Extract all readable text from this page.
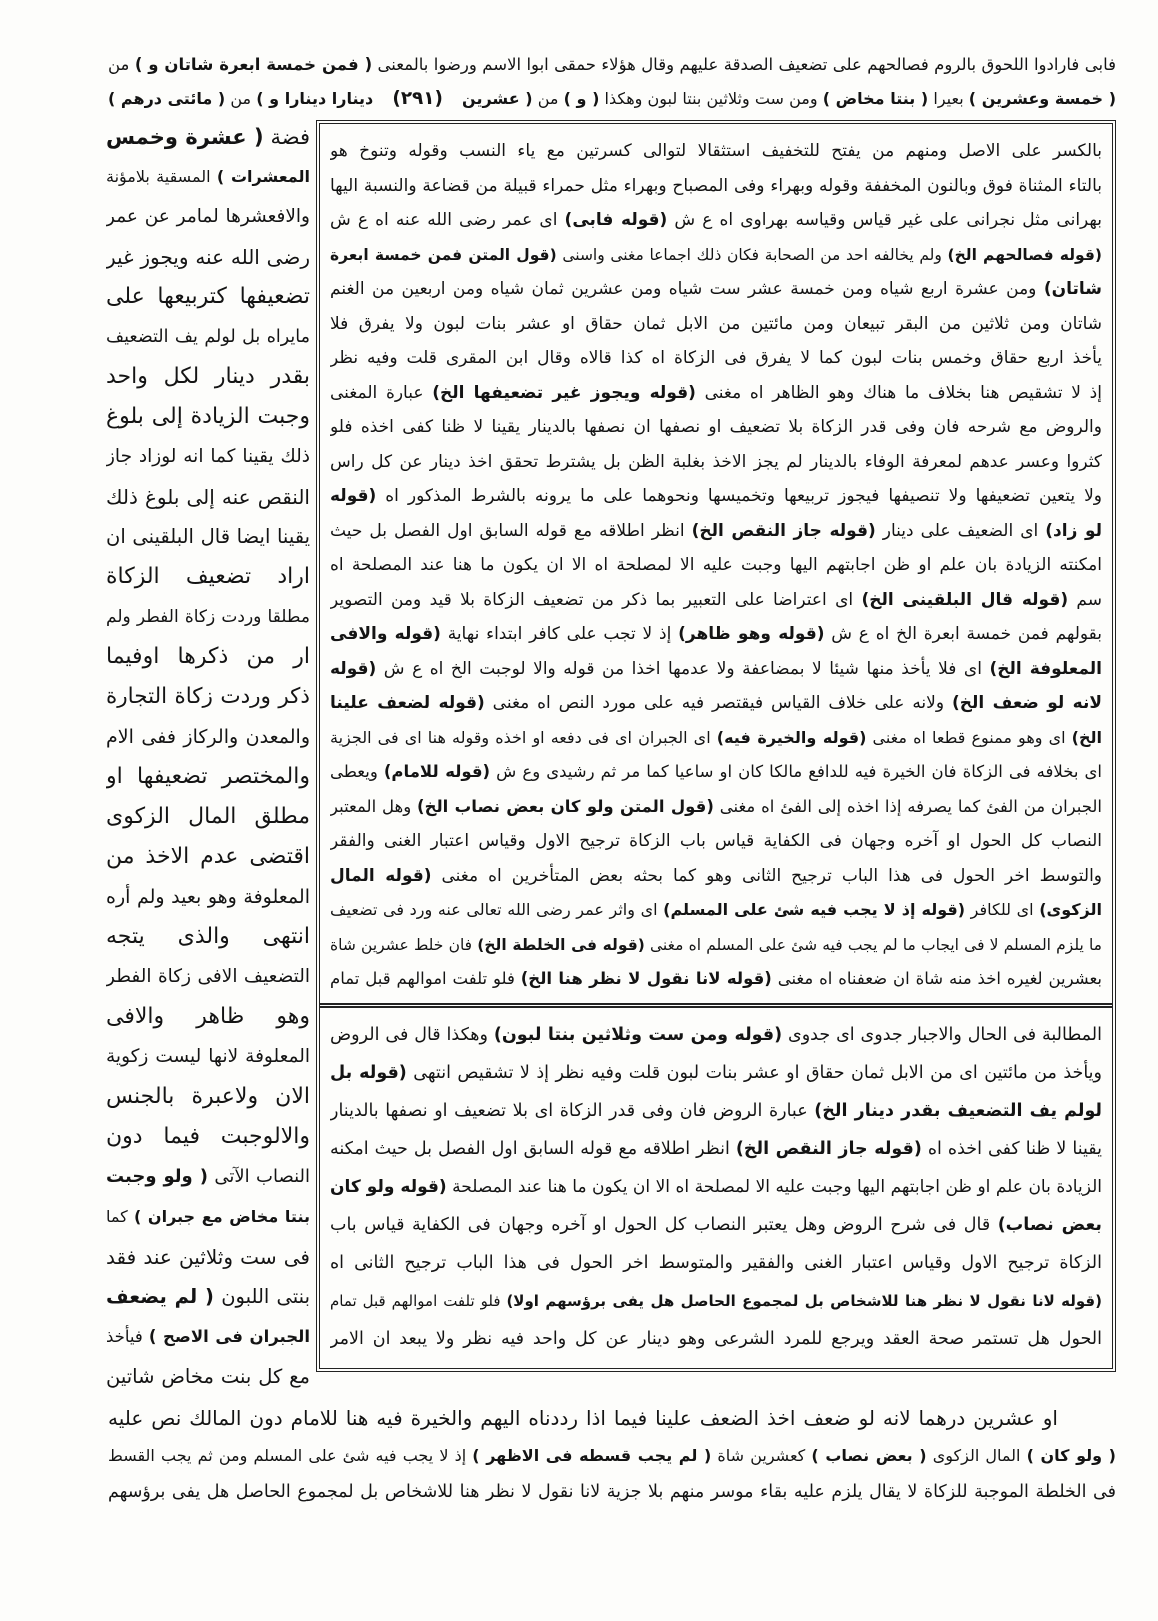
فابى فارادوا اللحوق بالروم فصالحهم على تضعيف الصدقة عليهم وقال هؤلاء حمقى ابوا الاسم ورضوا بالمعنى ( فمن خمسة ابعرة شاتان و ) من
( خمسة وعشرين ) بعيرا ( بنتا مخاض ) ومن ست وثلاثين بنتا لبون وهكذا ( و ) من ( عشرين (٢٩١) دينارا دينارا و ) من ( مائتى درهم )
فضة ( عشرة وخمس
المعشرات ) المسقية بلامؤنة
والافعشرها لمامر عن عمر
رضى الله عنه ويجوز غير
تضعيفها كتربيعها على
مايراه بل لولم يف التضعيف
بقدر دينار لكل واحد
وجبت الزيادة إلى بلوغ
ذلك يقينا كما انه لوزاد جاز
النقص عنه إلى بلوغ ذلك
يقينا ايضا قال البلقينى ان
اراد تضعيف الزكاة
مطلقا وردت زكاة الفطر ولم
ار من ذكرها اوفيما
ذكر وردت زكاة التجارة
والمعدن والركاز ففى الام
والمختصر تضعيفها او
مطلق المال الزكوى
اقتضى عدم الاخذ من
المعلوفة وهو بعيد ولم أره
انتهى والذى يتجه
التضعيف الافى زكاة الفطر
وهو ظاهر والافى
المعلوفة لانها ليست زكوية
الان ولاعبرة بالجنس
والالوجبت فيما دون
النصاب الآتى ( ولو وجبت
بنتا مخاض مع جبران ) كما
فى ست وثلاثين عند فقد
بنتى اللبون ( لم يضعف
الجبران فى الاصح ) فيأخذ
مع كل بنت مخاض شاتين
بالكسر على الاصل ومنهم من يفتح للتخفيف استثقالا لتوالى كسرتين مع ياء النسب وقوله وتنوخ هو
بالتاء المثناة فوق وبالنون المخففة وقوله وبهراء وفى المصباح وبهراء مثل حمراء قبيلة من قضاعة والنسبة اليها
بهرانى مثل نجرانى على غير قياس وقياسه بهراوى اه ع ش (قوله فابى) اى عمر رضى الله عنه اه ع ش
(قوله فصالحهم الخ) ولم يخالفه احد من الصحابة فكان ذلك اجماعا مغنى واسنى (قول المتن فمن خمسة ابعرة
شاتان) ومن عشرة اربع شياه ومن خمسة عشر ست شياه ومن عشرين ثمان شياه ومن اربعين من الغنم
شاتان ومن ثلاثين من البقر تبيعان ومن مائتين من الابل ثمان حقاق او عشر بنات لبون ولا يفرق فلا
يأخذ اربع حقاق وخمس بنات لبون كما لا يفرق فى الزكاة اه كذا قالاه وقال ابن المقرى قلت وفيه نظر
إذ لا تشقيص هنا بخلاف ما هناك وهو الظاهر اه مغنى (قوله ويجوز غير تضعيفها الخ) عبارة المغنى
والروض مع شرحه فان وفى قدر الزكاة بلا تضعيف او نصفها ان نصفها بالدينار يقينا لا ظنا كفى اخذه فلو
كثروا وعسر عدهم لمعرفة الوفاء بالدينار لم يجز الاخذ بغلبة الظن بل يشترط تحقق اخذ دينار عن كل راس
ولا يتعين تضعيفها ولا تنصيفها فيجوز تربيعها وتخميسها ونحوهما على ما يرونه بالشرط المذكور اه (قوله
لو زاد) اى الضعيف على دينار (قوله جاز النقص الخ) انظر اطلاقه مع قوله السابق اول الفصل بل حيث
امكنته الزيادة بان علم او ظن اجابتهم اليها وجبت عليه الا لمصلحة اه الا ان يكون ما هنا عند المصلحة اه
سم (قوله قال البلقينى الخ) اى اعتراضا على التعبير بما ذكر من تضعيف الزكاة بلا قيد ومن التصوير
بقولهم فمن خمسة ابعرة الخ اه ع ش (قوله وهو ظاهر) إذ لا تجب على كافر ابتداء نهاية (قوله والافى
المعلوفة الخ) اى فلا يأخذ منها شيئا لا بمضاعفة ولا عدمها اخذا من قوله والا لوجبت الخ اه ع ش (قوله
لانه لو ضعف الخ) ولانه على خلاف القياس فيقتصر فيه على مورد النص اه مغنى (قوله لضعف علينا
الخ) اى وهو ممنوع قطعا اه مغنى (قوله والخيرة فيه) اى الجبران اى فى دفعه او اخذه وقوله هنا اى فى الجزية
اى بخلافه فى الزكاة فان الخيرة فيه للدافع مالكا كان او ساعيا كما مر ثم رشيدى وع ش (قوله للامام) ويعطى
الجبران من الفئ كما يصرفه إذا اخذه إلى الفئ اه مغنى (قول المتن ولو كان بعض نصاب الخ) وهل المعتبر
النصاب كل الحول او آخره وجهان فى الكفاية قياس باب الزكاة ترجيح الاول وقياس اعتبار الغنى والفقر
والتوسط اخر الحول فى هذا الباب ترجيح الثانى وهو كما بحثه بعض المتأخرين اه مغنى (قوله المال
الزكوى) اى للكافر (قوله إذ لا يجب فيه شئ على المسلم) اى واثر عمر رضى الله تعالى عنه ورد فى تضعيف
ما يلزم المسلم لا فى ايجاب ما لم يجب فيه شئ على المسلم اه مغنى (قوله فى الخلطة الخ) فان خلط عشرين شاة
بعشرين لغيره اخذ منه شاة ان ضعفناه اه مغنى (قوله لانا نقول لا نظر هنا الخ) فلو تلفت اموالهم قبل تمام
المطالبة فى الحال والاجبار جدوى اى جدوى (قوله ومن ست وثلاثين بنتا لبون) وهكذا قال فى الروض
ويأخذ من مائتين اى من الابل ثمان حقاق او عشر بنات لبون قلت وفيه نظر إذ لا تشقيص انتهى (قوله بل
لولم يف التضعيف بقدر دينار الخ) عبارة الروض فان وفى قدر الزكاة اى بلا تضعيف او نصفها بالدينار
يقينا لا ظنا كفى اخذه اه (قوله جاز النقص الخ) انظر اطلاقه مع قوله السابق اول الفصل بل حيث امكنه
الزيادة بان علم او ظن اجابتهم اليها وجبت عليه الا لمصلحة اه الا ان يكون ما هنا عند المصلحة (قوله ولو كان
بعض نصاب) قال فى شرح الروض وهل يعتبر النصاب كل الحول او آخره وجهان فى الكفاية قياس باب
الزكاة ترجيح الاول وقياس اعتبار الغنى والفقير والمتوسط اخر الحول فى هذا الباب ترجيح الثانى اه
(قوله لانا نقول لا نظر هنا للاشخاص بل لمجموع الحاصل هل يفى برؤسهم اولا) فلو تلفت اموالهم قبل تمام
الحول هل تستمر صحة العقد ويرجع للمرد الشرعى وهو دينار عن كل واحد فيه نظر ولا يبعد ان الامر
او عشرين درهما لانه لو ضعف اخذ الضعف علينا فيما اذا رددناه اليهم والخيرة فيه هنا للامام دون المالك نص عليه
( ولو كان ) المال الزكوى ( بعض نصاب ) كعشرين شاة ( لم يجب قسطه فى الاظهر ) إذ لا يجب فيه شئ على المسلم ومن ثم يجب القسط
فى الخلطة الموجبة للزكاة لا يقال يلزم عليه بقاء موسر منهم بلا جزية لانا نقول لا نظر هنا للاشخاص بل لمجموع الحاصل هل يفى برؤسهم
